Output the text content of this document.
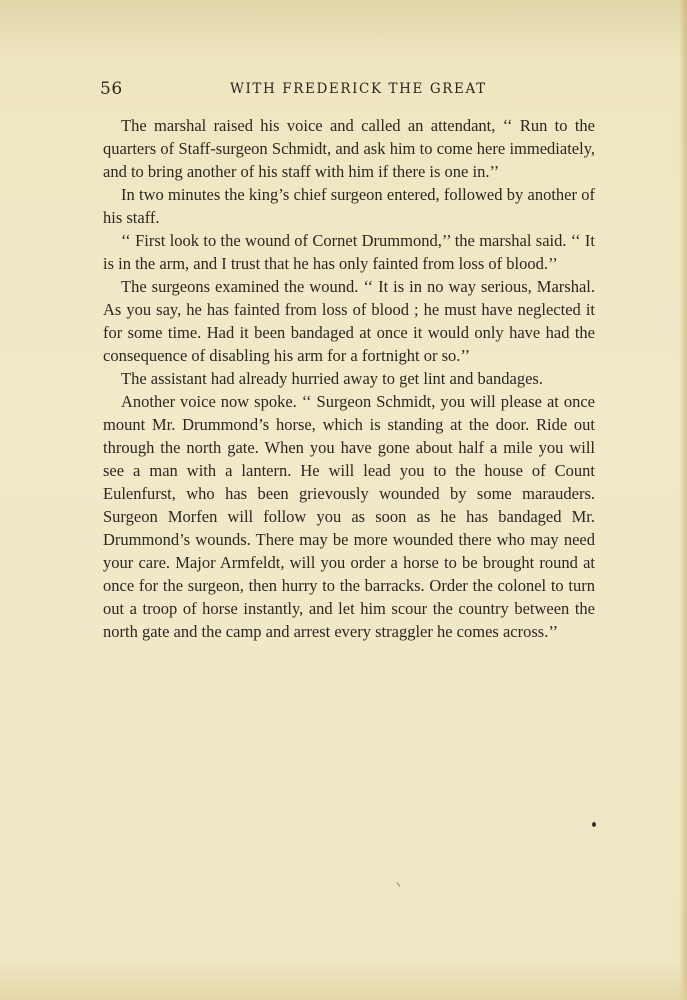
56	WITH FREDERICK THE GREAT

The marshal raised his voice and called an attendant, ‘‘ Run to the quarters of Staff-surgeon Schmidt, and ask him to come here immediately, and to bring another of his staff with him if there is one in.’’

In two minutes the king’s chief surgeon entered, followed by another of his staff.

‘‘ First look to the wound of Cornet Drummond,’’ the marshal said. ‘‘ It is in the arm, and I trust that he has only fainted from loss of blood.’’

The surgeons examined the wound. ‘‘ It is in no way serious, Marshal. As you say, he has fainted from loss of blood ; he must have neglected it for some time. Had it been bandaged at once it would only have had the consequence of disabling his arm for a fortnight or so.’’

The assistant had already hurried away to get lint and bandages.

Another voice now spoke. ‘‘ Surgeon Schmidt, you will please at once mount Mr. Drummond’s horse, which is standing at the door. Ride out through the north gate. When you have gone about half a mile you will see a man with a lantern. He will lead you to the house of Count Eulenfurst, who has been grievously wounded by some marauders. Surgeon Morfen will follow you as soon as he has bandaged Mr. Drummond’s wounds. There may be more wounded there who may need your care. Major Armfeldt, will you order a horse to be brought round at once for the surgeon, then hurry to the barracks. Order the colonel to turn out a troop of horse instantly, and let him scour the country between the north gate and the camp and arrest every straggler he comes across.’’
